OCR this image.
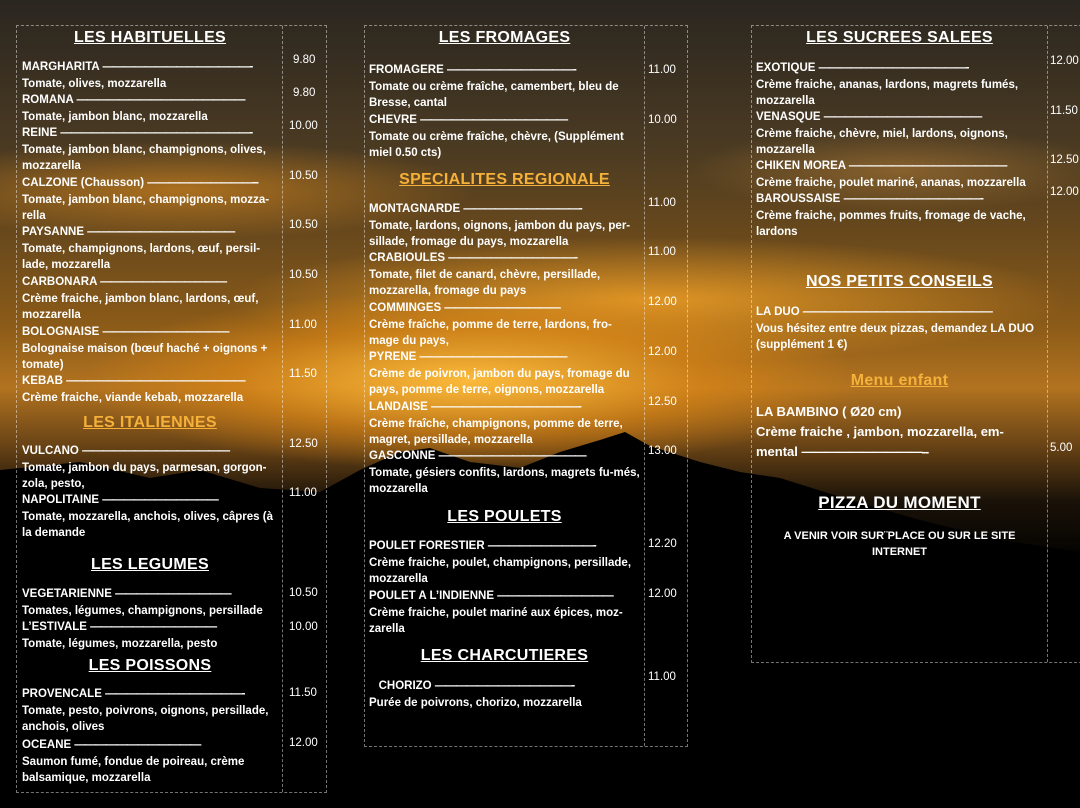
LES HABITUELLES
MARGHARITA ——————————————-
Tomate, olives, mozzarella
9.80
ROMANA ————————————————
Tomate, jambon blanc, mozzarella
9.80
REINE ——————————————————-
Tomate, jambon blanc, champignons, olives, mozzarella
10.00
CALZONE (Chausson) ——————————--
Tomate, jambon blanc, champignons, mozza-rella
10.50
PAYSANNE ——————————————
Tomate, champignons, lardons, œuf, persil-lade, mozzarella
10.50
CARBONARA ————————————
Crème fraiche, jambon blanc, lardons, œuf, mozzarella
10.50
BOLOGNAISE ————————————
Bolognaise maison (bœuf haché + oignons + tomate)
11.00
KEBAB —————————————————
Crème fraiche, viande kebab, mozzarella
11.50
LES ITALIENNES
VULCANO ——————————————
Tomate, jambon du pays, parmesan, gorgon-zola, pesto,
12.50
NAPOLITAINE ———————————
Tomate, mozzarella, anchois, olives, câpres (à la demande
11.00
LES LEGUMES
VEGETARIENNE ———————————
Tomates, légumes, champignons, persillade
10.50
L’ESTIVALE ————————————
Tomate, légumes, mozzarella, pesto
10.00
LES POISSONS
PROVENCALE —————————————-
Tomate, pesto, poivrons, oignons, persillade, anchois, olives
11.50
OCEANE ————————————
Saumon fumé, fondue de poireau, crème balsamique, mozzarella
12.00
LES FROMAGES
FROMAGERE ————————————-
Tomate ou crème fraîche, camembert, bleu de Bresse, cantal
11.00
CHEVRE ——————————————
Tomate ou crème fraîche, chèvre, (Supplément miel 0.50 cts)
10.00
SPECIALITES REGIONALE
MONTAGNARDE ———————————-
Tomate, lardons, oignons, jambon du pays, per-sillade, fromage du pays, mozzarella
11.00
CRABIOULES ————————————-
Tomate, filet de canard, chèvre, persillade, mozzarella, fromage du pays
11.00
COMMINGES ———————————
Crème fraîche, pomme de terre, lardons, fro-mage du pays,
12.00
PYRENE ——————————————
Crème de poivron, jambon du pays, fromage du pays, pomme de terre, oignons, mozzarella
12.00
LANDAISE ——————————————-
Crème fraîche, champignons, pomme de terre, magret, persillade, mozzarella
12.50
GASCONNE ——————————————
Tomate, gésiers confits, lardons, magrets fu-més, mozzarella
13.00
LES POULETS
POULET FORESTIER ——————————-
Crème fraiche, poulet, champignons, persillade, mozzarella
12.20
POULET A L’INDIENNE ———————————
Crème fraiche, poulet mariné aux épices, moz-zarella
12.00
LES CHARCUTIERES
CHORIZO —————————————-
Purée de poivrons, chorizo, mozzarella
11.00
LES SUCREES SALEES
EXOTIQUE ——————————————-
Crème fraiche, ananas, lardons, magrets fumés, mozzarella
12.00
VENASQUE ———————————————
Crème fraiche, chèvre, miel, lardons, oignons, mozzarella
11.50
CHIKEN MOREA ———————————————
Crème fraiche, poulet mariné, ananas, mozzarella
12.50
BAROUSSAISE —————————————-
Crème fraiche, pommes fruits, fromage de vache, lardons
12.00
NOS PETITS CONSEILS
LA DUO ——————————————————
Vous hésitez entre deux pizzas, demandez LA DUO (supplément 1 €)
Menu enfant
LA BAMBINO ( Ø20 cm)
Crème fraiche , jambon, mozzarella, em-mental ——————————--	5.00
PIZZA DU MOMENT
A VENIR VOIR SUR¨PLACE OU SUR LE SITE INTERNET
